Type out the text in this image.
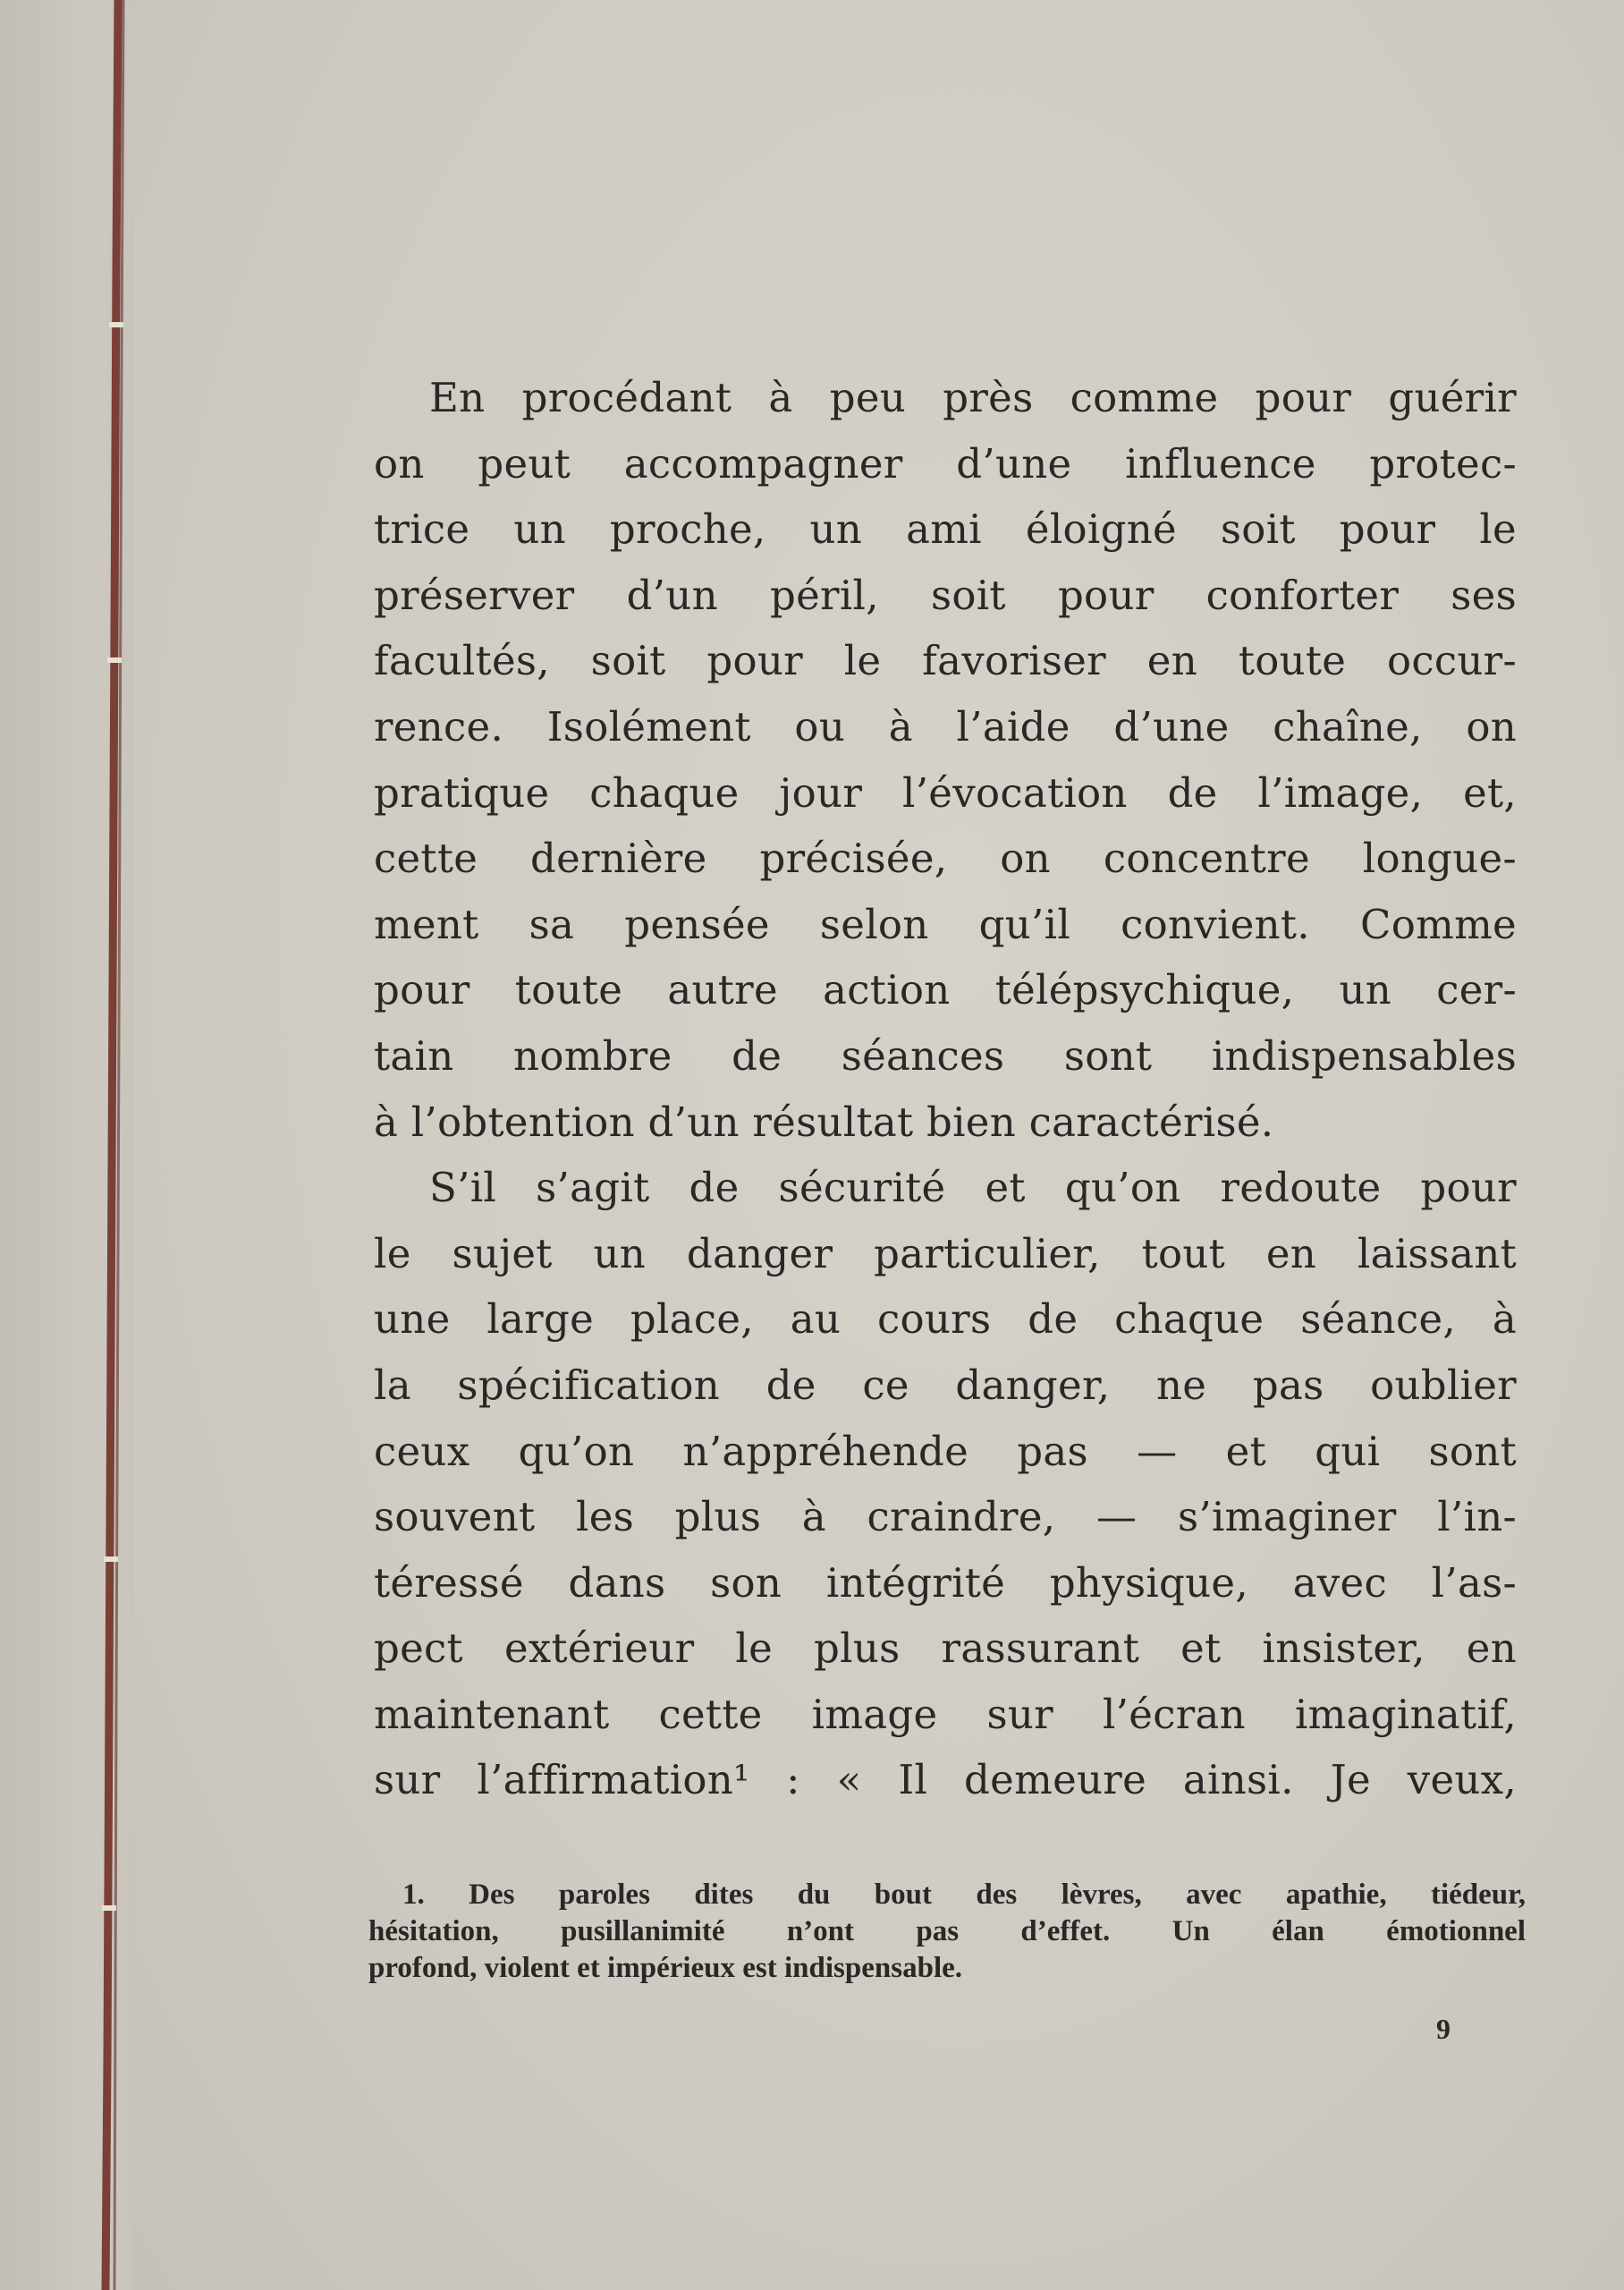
En procédant à peu près comme pour guérir
on peut accompagner d’une influence protec-
trice un proche, un ami éloigné soit pour le
préserver d’un péril, soit pour conforter ses
facultés, soit pour le favoriser en toute occur-
rence. Isolément ou à l’aide d’une chaîne, on
pratique chaque jour l’évocation de l’image, et,
cette dernière précisée, on concentre longue-
ment sa pensée selon qu’il convient. Comme
pour toute autre action télépsychique, un cer-
tain nombre de séances sont indispensables
à l’obtention d’un résultat bien caractérisé.

S’il s’agit de sécurité et qu’on redoute pour
le sujet un danger particulier, tout en laissant
une large place, au cours de chaque séance, à
la spécification de ce danger, ne pas oublier
ceux qu’on n’appréhende pas — et qui sont
souvent les plus à craindre, — s’imaginer l’in-
téressé dans son intégrité physique, avec l’as-
pect extérieur le plus rassurant et insister, en
maintenant cette image sur l’écran imaginatif,
sur l’affirmation¹ : « Il demeure ainsi. Je veux,

1. Des paroles dites du bout des lèvres, avec apathie, tiédeur,
hésitation, pusillanimité n’ont pas d’effet. Un élan émotionnel
profond, violent et impérieux est indispensable.
9
